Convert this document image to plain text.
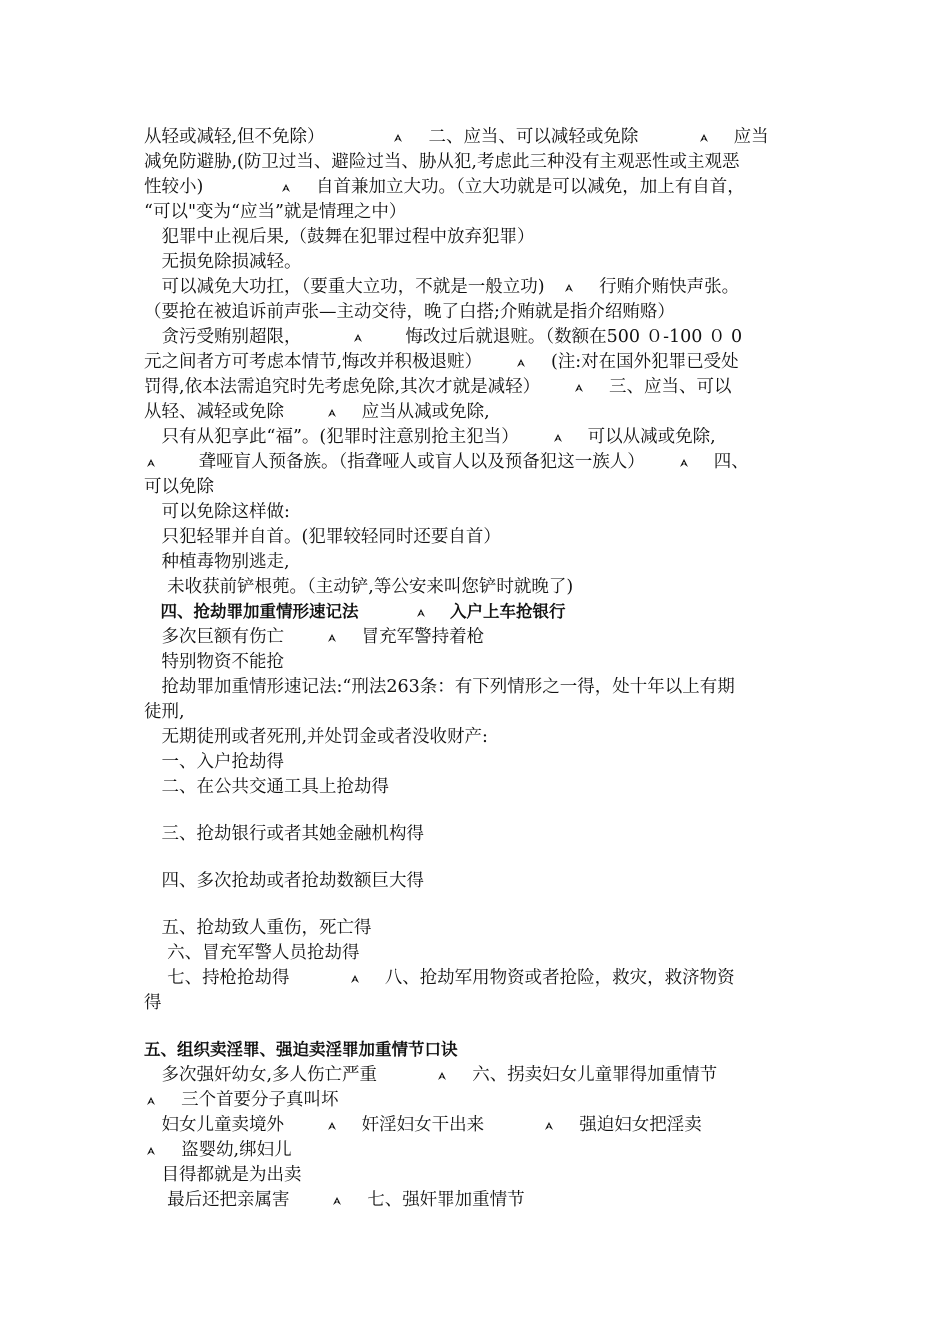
从轻或减轻,但不免除）　　　　
　 二、应当、可以减轻或免除　　　
　 应当
减免防避胁,(防卫过当、避险过当、胁从犯,考虑此三种没有主观恶性或主观恶
性较小)　　　　
　 自首兼加立大功。（立大功就是可以减免，加上有自首，
“可以"变为“应当”就是情理之中）
　犯罪中止视后果,（鼓舞在犯罪过程中放弃犯罪）
　无损免除损减轻。
　可以减免大功扛，（要重大立功，不就是一般立功)　
　 行贿介贿快声张。
（要抢在被追诉前声张—主动交待，晚了白搭;介贿就是指介绍贿赂）
　贪污受贿别超限，　　　
　　 悔改过后就退赃。（数额在500 ０-100 ０ 0
元之间者方可考虑本情节,悔改并积极退赃）　　
　 (注:对在国外犯罪已受处
罚得,依本法需追究时先考虑免除,其次才就是减轻）　　
　 三、应当、可以
从轻、减轻或免除　　
　 应当从减或免除,
　只有从犯享此“福”。(犯罪时注意别抢主犯当）　　
　 可以从减或免除,
　　 聋哑盲人预备族。（指聋哑人或盲人以及预备犯这一族人）　　
　 四、
可以免除
　可以免除这样做:
　只犯轻罪并自首。(犯罪较轻同时还要自首）
　种植毒物别逃走,
　 未收获前铲根蔸。（主动铲,等公安来叫您铲时就晚了)
　四、抢劫罪加重情形速记法　　　
　 入户上车抢银行
　多次巨额有伤亡　　
　 冒充军警持着枪
　特别物资不能抢
　抢劫罪加重情形速记法:“刑法263条：有下列情形之一得，处十年以上有期
徒刑,
　无期徒刑或者死刑,并处罚金或者没收财产:
　一、入户抢劫得
　二、在公共交通工具上抢劫得
　三、抢劫银行或者其她金融机构得
　四、多次抢劫或者抢劫数额巨大得
　五、抢劫致人重伤，死亡得
　 六、冒充军警人员抢劫得
　 七、持枪抢劫得　　　
　 八、抢劫军用物资或者抢险，救灾，救济物资
得
五、组织卖淫罪、强迫卖淫罪加重情节口诀
　多次强奸幼女,多人伤亡严重　　　
　 六、拐卖妇女儿童罪得加重情节
　 三个首要分子真叫坏
　妇女儿童卖境外　　
　 奸淫妇女干出来　　　
　 强迫妇女把淫卖
　 盗婴幼,绑妇儿
　目得都就是为出卖
　 最后还把亲属害　　
　 七、强奸罪加重情节
